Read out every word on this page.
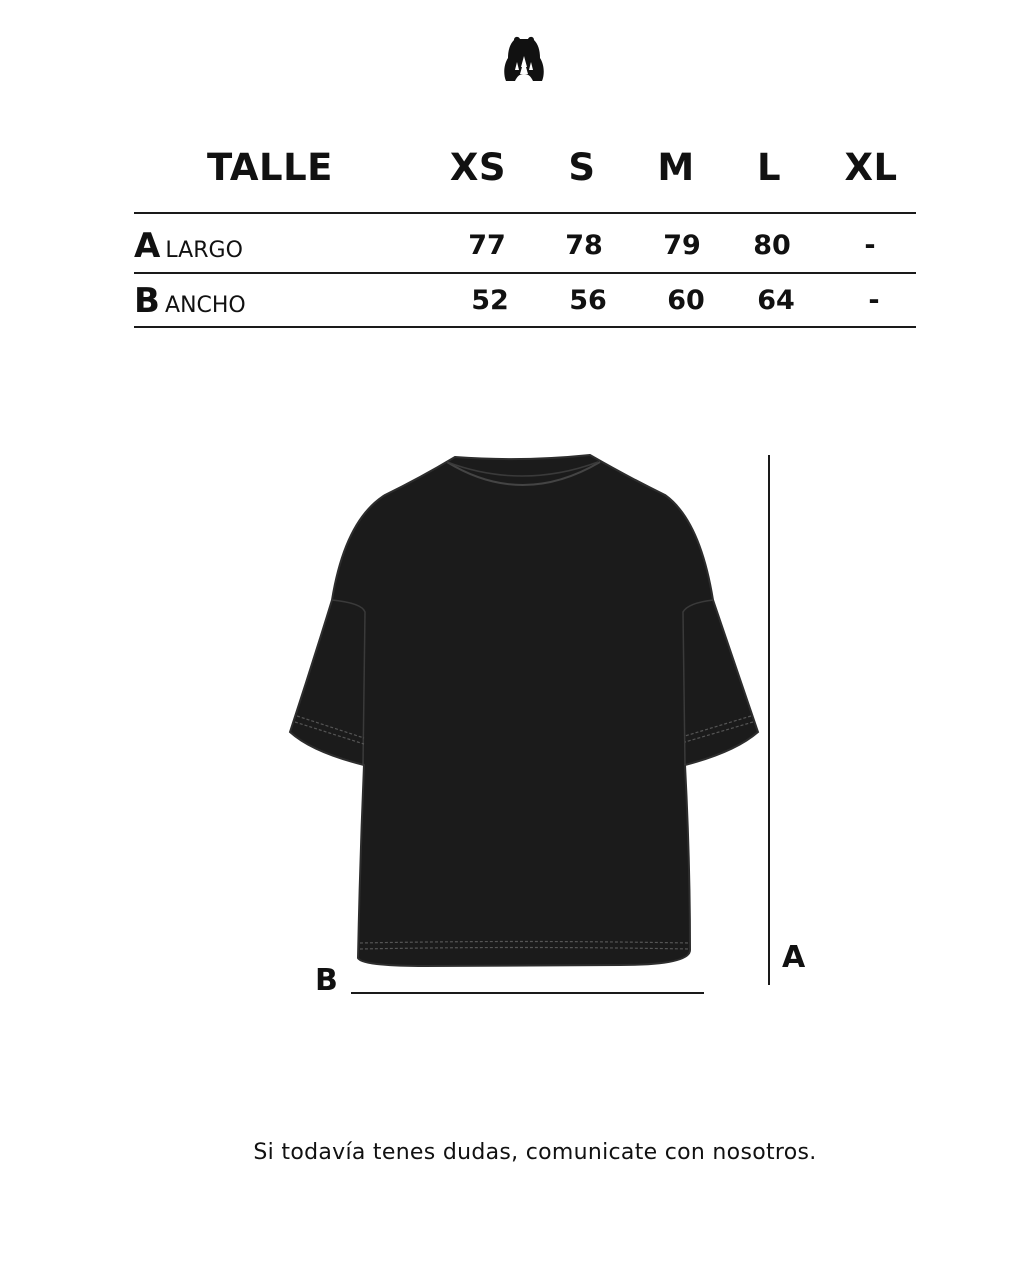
TALLE	XS	S	M	L	XL
A LARGO	77	78	79	80	-
B ANCHO	52	56	60	64	-
A
B
Si todavía tenes dudas, comunicate con nosotros.
